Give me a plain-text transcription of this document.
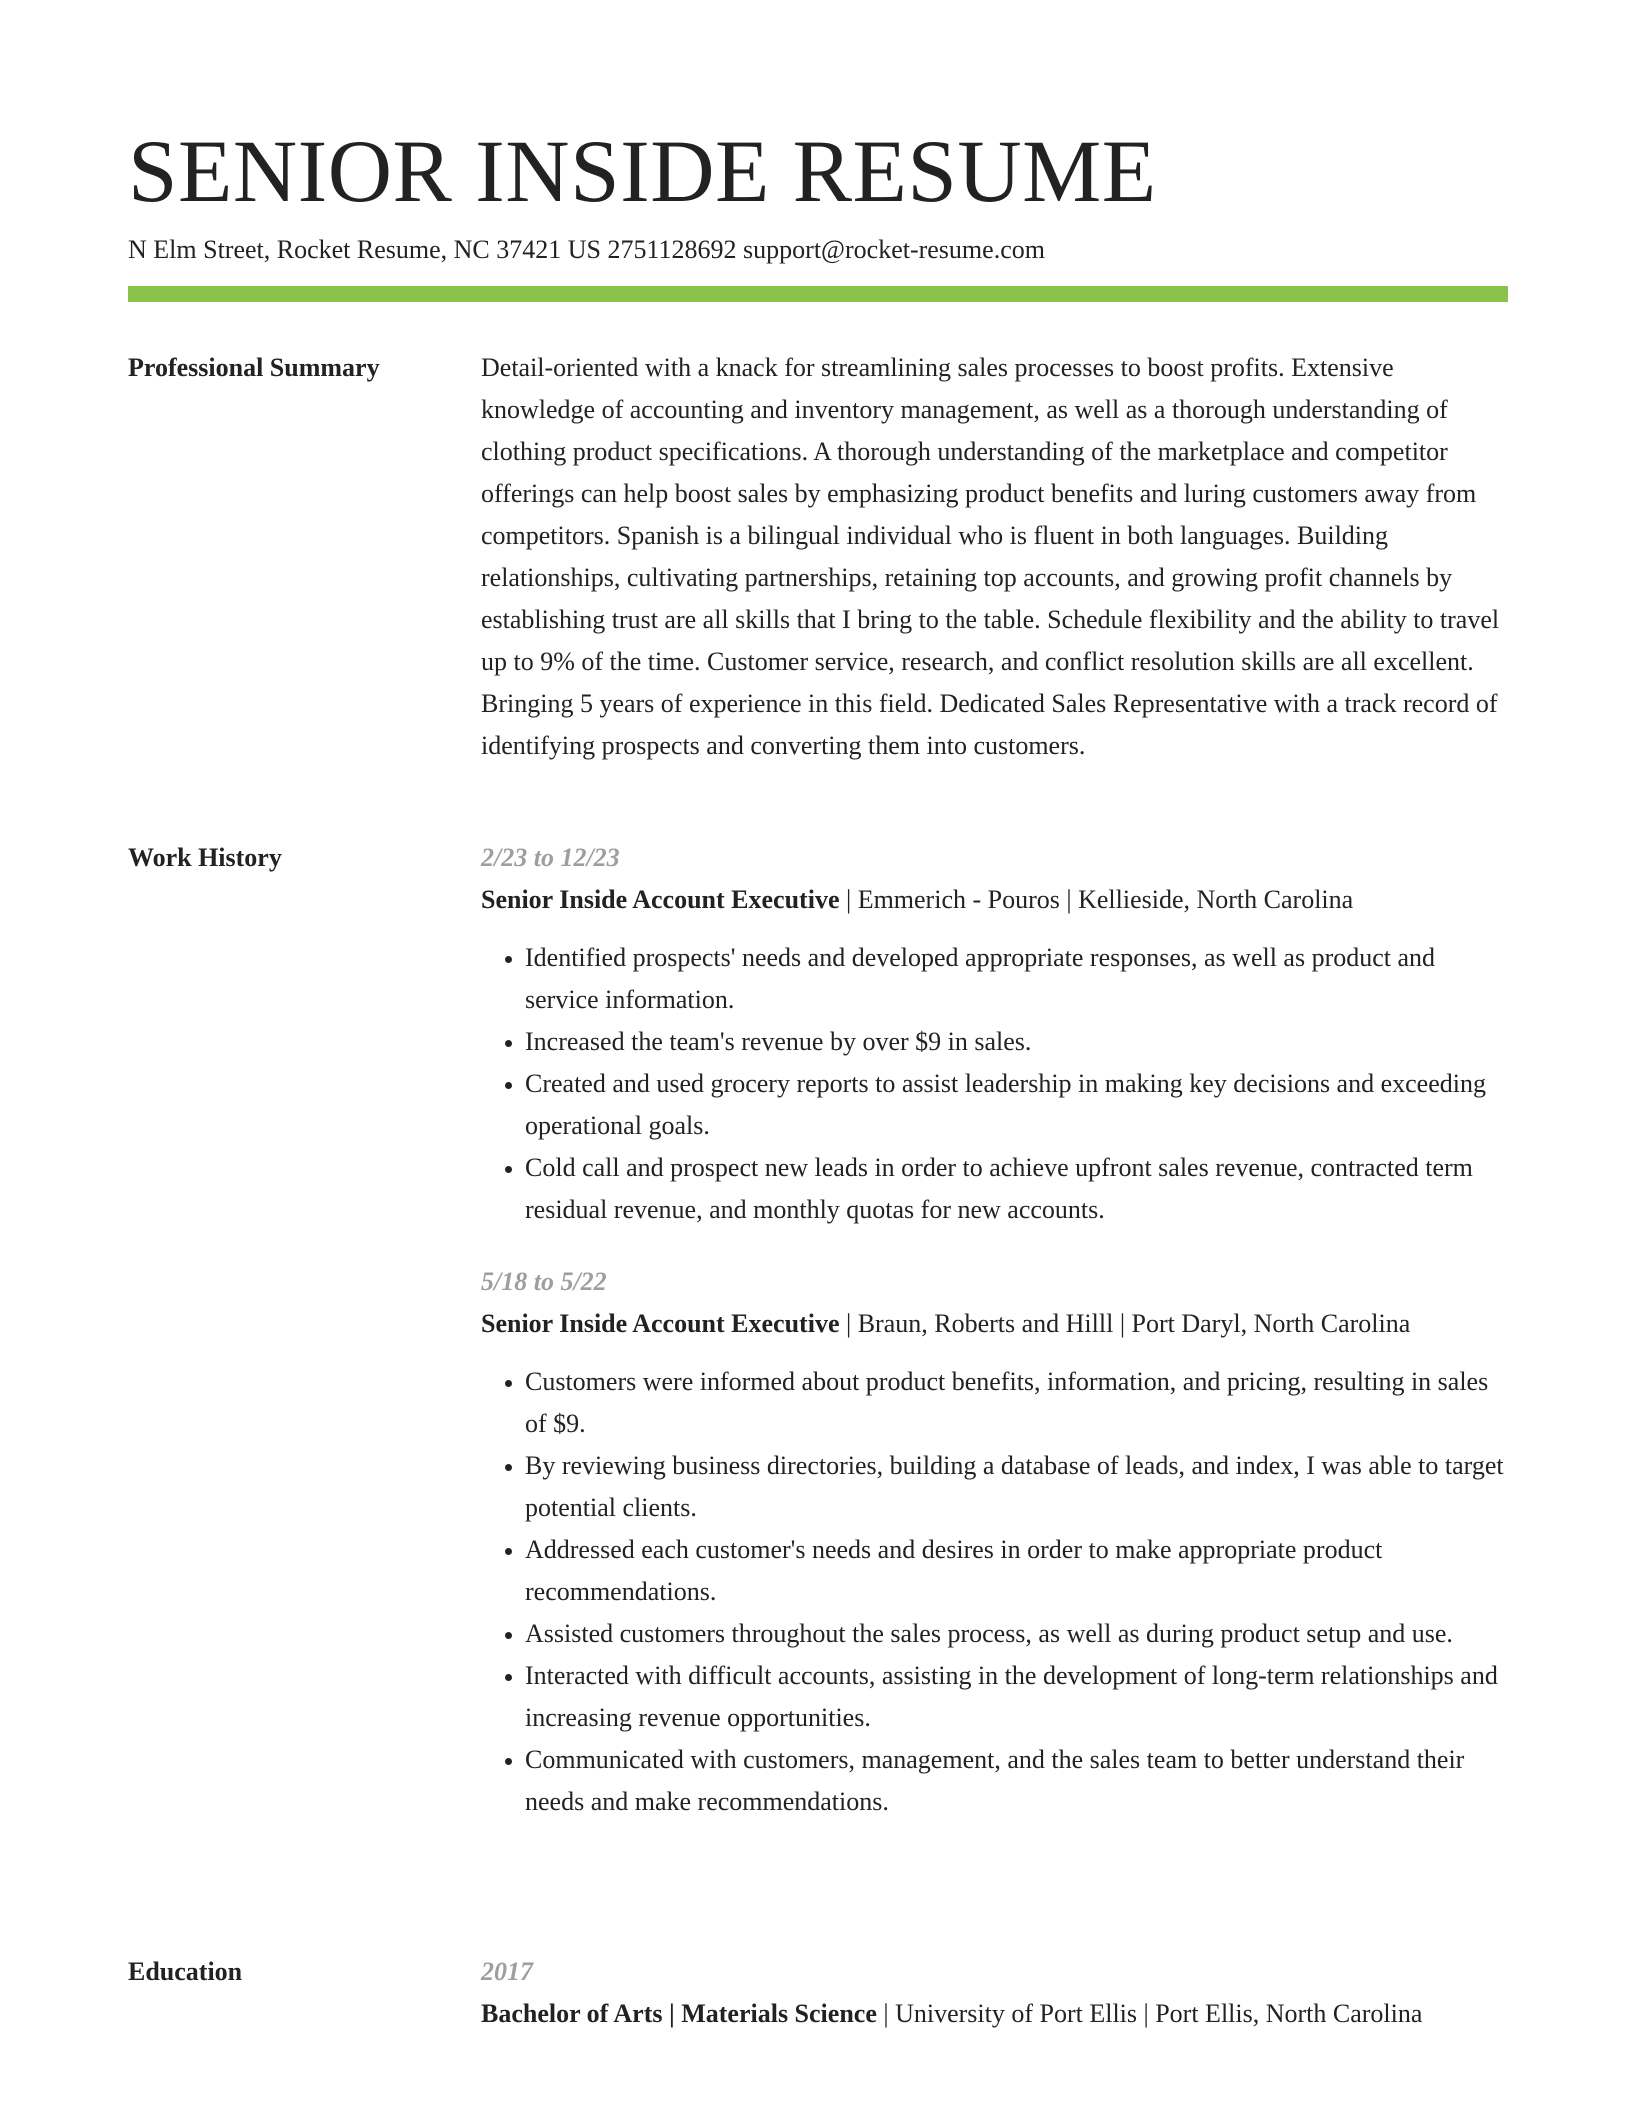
SENIOR INSIDE RESUME
N Elm Street, Rocket Resume, NC 37421 US 2751128692 support@rocket-resume.com
Professional Summary	Detail-oriented with a knack for streamlining sales processes to boost profits. Extensive knowledge of accounting and inventory management, as well as a thorough understanding of clothing product specifications. A thorough understanding of the marketplace and competitor offerings can help boost sales by emphasizing product benefits and luring customers away from competitors. Spanish is a bilingual individual who is fluent in both languages. Building relationships, cultivating partnerships, retaining top accounts, and growing profit channels by establishing trust are all skills that I bring to the table. Schedule flexibility and the ability to travel up to 9% of the time. Customer service, research, and conflict resolution skills are all excellent. Bringing 5 years of experience in this field. Dedicated Sales Representative with a track record of identifying prospects and converting them into customers.

Work History	2/23 to 12/23
Senior Inside Account Executive | Emmerich - Pouros | Kellieside, North Carolina
• Identified prospects' needs and developed appropriate responses, as well as product and service information.
• Increased the team's revenue by over $9 in sales.
• Created and used grocery reports to assist leadership in making key decisions and exceeding operational goals.
• Cold call and prospect new leads in order to achieve upfront sales revenue, contracted term residual revenue, and monthly quotas for new accounts.
5/18 to 5/22
Senior Inside Account Executive | Braun, Roberts and Hilll | Port Daryl, North Carolina
• Customers were informed about product benefits, information, and pricing, resulting in sales of $9.
• By reviewing business directories, building a database of leads, and index, I was able to target potential clients.
• Addressed each customer's needs and desires in order to make appropriate product recommendations.
• Assisted customers throughout the sales process, as well as during product setup and use.
• Interacted with difficult accounts, assisting in the development of long-term relationships and increasing revenue opportunities.
• Communicated with customers, management, and the sales team to better understand their needs and make recommendations.
Education	2017
Bachelor of Arts | Materials Science | University of Port Ellis | Port Ellis, North Carolina
